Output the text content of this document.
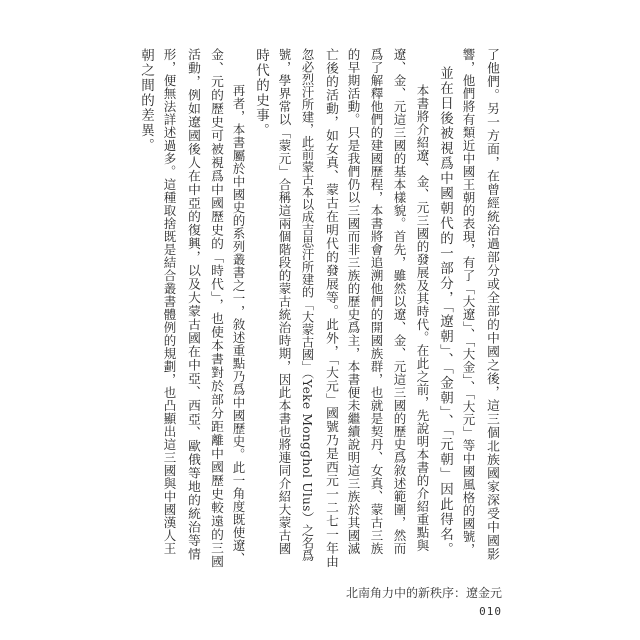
了他們。另一方面，在曾經統治過部分或全部的中國之後，這三個北族國家深受中國影
響，他們將有類近中國王朝的表現，有了「大遼」、「大金」、「大元」等中國風格的國號，
並在日後被視爲中國朝代的一部分，「遼朝」、「金朝」、「元朝」因此得名。
本書將介紹遼、金、元三國的發展及其時代。在此之前，先說明本書的介紹重點與
遼、金、元這三國的基本樣貌。首先，雖然以遼、金、元這三國的歷史爲敘述範圍，然而
爲了解釋他們的建國歷程，本書將會追溯他們的開國族群，也就是契丹、女真、蒙古三族
的早期活動。只是我們仍以三國而非三族的歷史爲主，本書便未繼續說明這三族於其國滅
亡後的活動，如女真、蒙古在明代的發展等。此外，「大元」國號乃是西元一二七一年由
忽必烈汗所建，此前蒙古本以成吉思汗所建的「大蒙古國」（Yeke Mongghol Ulus）之名爲
號，學界常以「蒙元」合稱這兩個階段的蒙古統治時期，因此本書也將連同介紹大蒙古國
時代的史事。
再者，本書屬於中國史的系列叢書之一，敘述重點乃爲中國歷史。此一角度既使遼、
金、元的歷史可被視爲中國歷史的「時代」，也使本書對於部分距離中國歷史較遠的三國
活動，例如遼國後人在中亞的復興，以及大蒙古國在中亞、西亞、歐俄等地的統治等情
形，便無法詳述過多。這種取捨既是結合叢書體例的規劃，也凸顯出這三國與中國漢人王
朝之間的差異。
北南角力中的新秩序：遼金元
010
